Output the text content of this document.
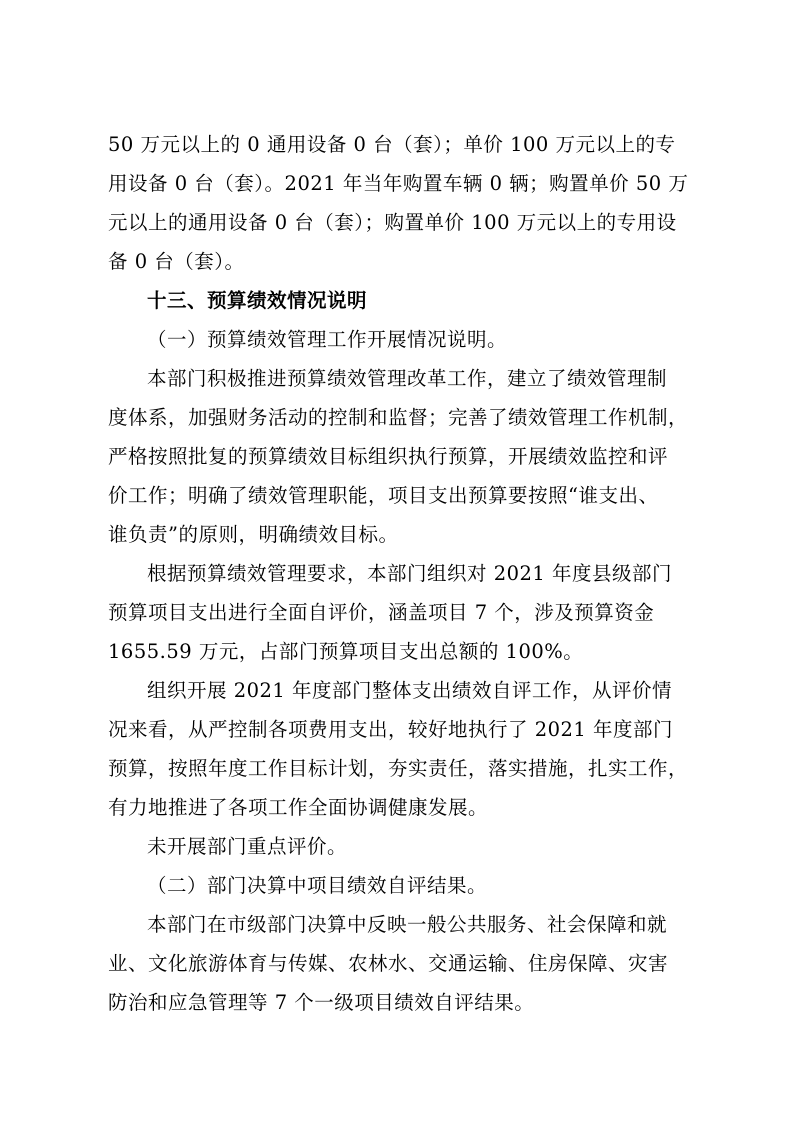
50 万元以上的 0 通用设备 0 台（套）；单价 100 万元以上的专
用设备 0 台（套）。2021 年当年购置车辆 0 辆；购置单价 50 万
元以上的通用设备 0 台（套）；购置单价 100 万元以上的专用设
备 0 台（套）。
十三、预算绩效情况说明
（一）预算绩效管理工作开展情况说明。
本部门积极推进预算绩效管理改革工作，建立了绩效管理制
度体系，加强财务活动的控制和监督；完善了绩效管理工作机制，
严格按照批复的预算绩效目标组织执行预算，开展绩效监控和评
价工作；明确了绩效管理职能，项目支出预算要按照“谁支出、
谁负责”的原则，明确绩效目标。
根据预算绩效管理要求，本部门组织对 2021 年度县级部门
预算项目支出进行全面自评价，涵盖项目 7 个，涉及预算资金
1655.59 万元，占部门预算项目支出总额的 100%。
组织开展 2021 年度部门整体支出绩效自评工作，从评价情
况来看，从严控制各项费用支出，较好地执行了 2021 年度部门
预算，按照年度工作目标计划，夯实责任，落实措施，扎实工作，
有力地推进了各项工作全面协调健康发展。
未开展部门重点评价。
（二）部门决算中项目绩效自评结果。
本部门在市级部门决算中反映一般公共服务、社会保障和就
业、文化旅游体育与传媒、农林水、交通运输、住房保障、灾害
防治和应急管理等 7 个一级项目绩效自评结果。
